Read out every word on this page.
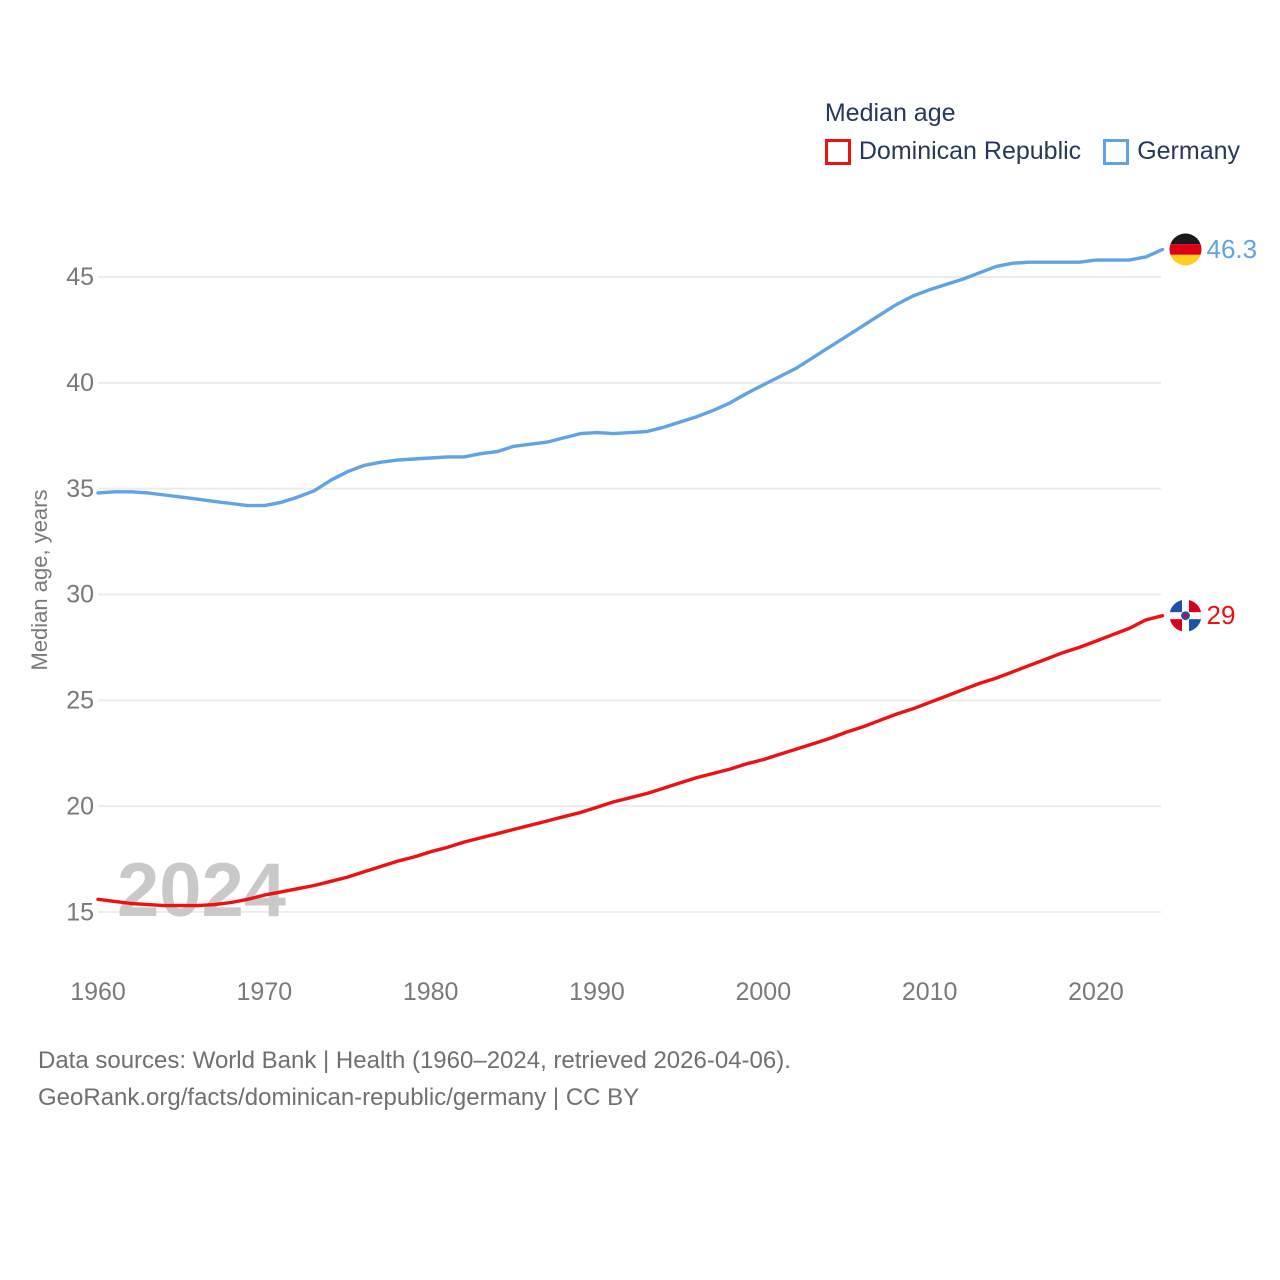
Median age
Dominican Republic Germany
2024
Median age, years
15
20
25
30
35
40
45
1960	1970	1980	1990	2000	2010	2020
29
46.3
Data sources: World Bank | Health (1960–2024, retrieved 2026-04-06).
GeoRank.org/facts/dominican-republic/germany | CC BY
